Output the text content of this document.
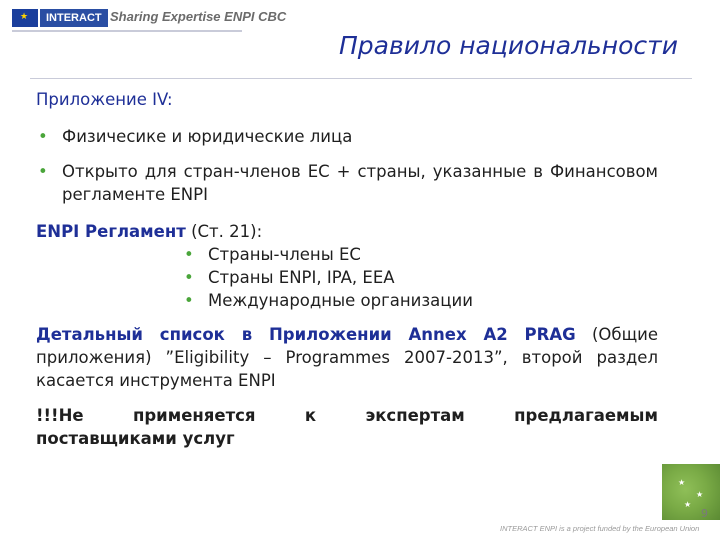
★	INTERACT Sharing Expertise ENPI CBC
Правило национальности
Приложение IV:
• Физичесике и юридические лица
• Открыто для стран-членов ЕС + страны, указанные в Финансовом регламенте ENPI
ENPI Регламент (Ст. 21):
• Страны-члены ЕС
• Страны ENPI, IPA, EEA
• Международные организации
Детальный список в Приложении Annex A2 PRAG (Общие приложения) ”Eligibility – Programmes 2007-2013”, второй раздел касается инструмента ENPI
!!!Не	применяется	к	экспертам	предлагаемым
поставщиками услуг
★
★
★
9
INTERACT ENPI is a project funded by the European Union
